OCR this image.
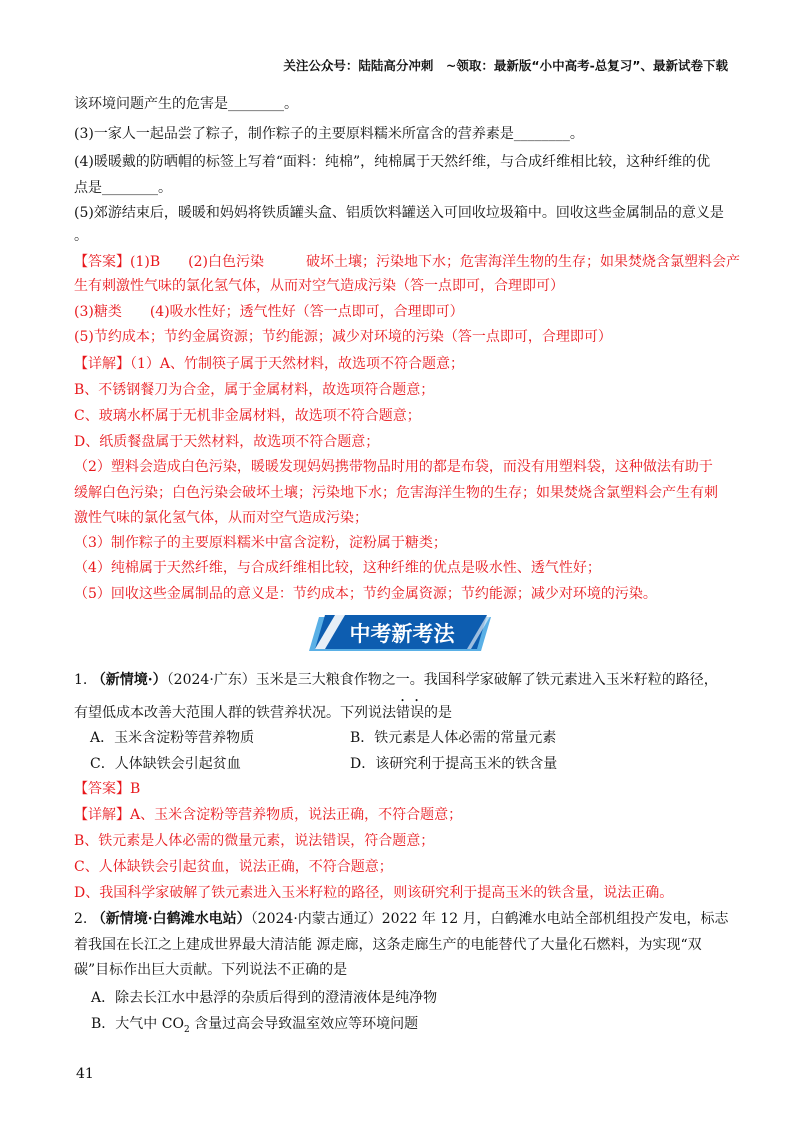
关注公众号：陆陆高分冲刺　~领取：最新版“小中高考-总复习”、最新试卷下载
该环境问题产生的危害是________。
(3)一家人一起品尝了粽子，制作粽子的主要原料糯米所富含的营养素是________。
(4)暖暖戴的防晒帽的标签上写着“面料：纯棉”，纯棉属于天然纤维，与合成纤维相比较，这种纤维的优
点是________。
(5)郊游结束后，暖暖和妈妈将铁质罐头盒、铝质饮料罐送入可回收垃圾箱中。回收这些金属制品的意义是
。
【答案】(1)B　　(2)白色污染　　　破坏土壤；污染地下水；危害海洋生物的生存；如果焚烧含氯塑料会产
生有刺激性气味的氯化氢气体，从而对空气造成污染（答一点即可，合理即可）
(3)糖类　　(4)吸水性好；透气性好（答一点即可，合理即可）
(5)节约成本；节约金属资源；节约能源；减少对环境的污染（答一点即可，合理即可）
【详解】（1）A、竹制筷子属于天然材料，故选项不符合题意；
B、不锈钢餐刀为合金，属于金属材料，故选项符合题意；
C、玻璃水杯属于无机非金属材料，故选项不符合题意；
D、纸质餐盘属于天然材料，故选项不符合题意；
（2）塑料会造成白色污染，暖暖发现妈妈携带物品时用的都是布袋，而没有用塑料袋，这种做法有助于
缓解白色污染；白色污染会破坏土壤；污染地下水；危害海洋生物的生存；如果焚烧含氯塑料会产生有刺
激性气味的氯化氢气体，从而对空气造成污染；
（3）制作粽子的主要原料糯米中富含淀粉，淀粉属于糖类；
（4）纯棉属于天然纤维，与合成纤维相比较，这种纤维的优点是吸水性、透气性好；
（5）回收这些金属制品的意义是：节约成本；节约金属资源；节约能源；减少对环境的污染。
中考新考法
1. （新情境·）（2024·广东）玉米是三大粮食作物之一。我国科学家破解了铁元素进入玉米籽粒的路径，
有望低成本改善大范围人群的铁营养状况。下列说法错误的是
A．玉米含淀粉等营养物质	B．铁元素是人体必需的常量元素
C．人体缺铁会引起贫血	D．该研究利于提高玉米的铁含量
【答案】B
【详解】A、玉米含淀粉等营养物质，说法正确，不符合题意；
B、铁元素是人体必需的微量元素，说法错误，符合题意；
C、人体缺铁会引起贫血，说法正确，不符合题意；
D、我国科学家破解了铁元素进入玉米籽粒的路径，则该研究利于提高玉米的铁含量，说法正确。
2. （新情境·白鹤滩水电站）（2024·内蒙古通辽）2022 年 12 月，白鹤滩水电站全部机组投产发电，标志
着我国在长江之上建成世界最大清洁能 源走廊，这条走廊生产的电能替代了大量化石燃料，为实现“双
碳”目标作出巨大贡献。下列说法不正确的是
A．除去长江水中悬浮的杂质后得到的澄清液体是纯净物
B．大气中 $CO_2$ 含量过高会导致温室效应等环境问题
41
